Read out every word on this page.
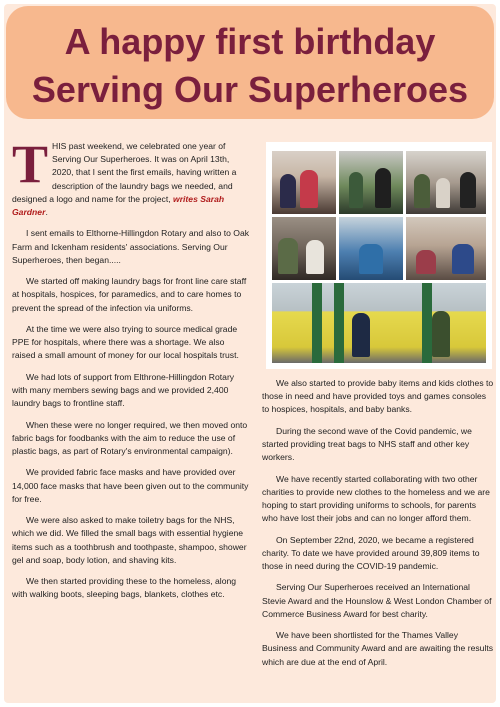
A happy first birthday
Serving Our Superheroes

THIS past weekend, we celebrated one year of Serving Our Superheroes. It was on April 13th, 2020, that I sent the first emails, having written a description of the laundry bags we needed, and designed a logo and name for the project, writes Sarah Gardner.

I sent emails to Elthorne-Hillingdon Rotary and also to Oak Farm and Ickenham residents' associations. Serving Our Superheroes, then began.....

We started off making laundry bags for front line care staff at hospitals, hospices, for paramedics, and to care homes to prevent the spread of the infection via uniforms.

At the time we were also trying to source medical grade PPE for hospitals, where there was a shortage. We also raised a small amount of money for our local hospitals trust.

We had lots of support from Elthrone-Hillingdon Rotary with many members sewing bags and we provided 2,400 laundry bags to frontline staff.

When these were no longer required, we then moved onto fabric bags for foodbanks with the aim to reduce the use of plastic bags, as part of Rotary's environmental campaign).

We provided fabric face masks and have provided over 14,000 face masks that have been given out to the community for free.

We were also asked to make toiletry bags for the NHS, which we did. We filled the small bags with essential hygiene items such as a toothbrush and toothpaste, shampoo, shower gel and soap, body lotion, and shaving kits.

We then started providing these to the homeless, along with walking boots, sleeping bags, blankets, clothes etc.

We also started to provide baby items and kids clothes to those in need and have provided toys and games consoles to hospices, hospitals, and baby banks.

During the second wave of the Covid pandemic, we started providing treat bags to NHS staff and other key workers.

We have recently started collaborating with two other charities to provide new clothes to the homeless and we are hoping to start providing uniforms to schools, for parents who have lost their jobs and can no longer afford them.

On September 22nd, 2020, we became a registered charity. To date we have provided around 39,809 items to those in need during the COVID-19 pandemic.

Serving Our Superheroes received an International Stevie Award and the Hounslow & West London Chamber of Commerce Business Award for best charity.

We have been shortlisted for the Thames Valley Business and Community Award and are awaiting the results which are due at the end of April.
